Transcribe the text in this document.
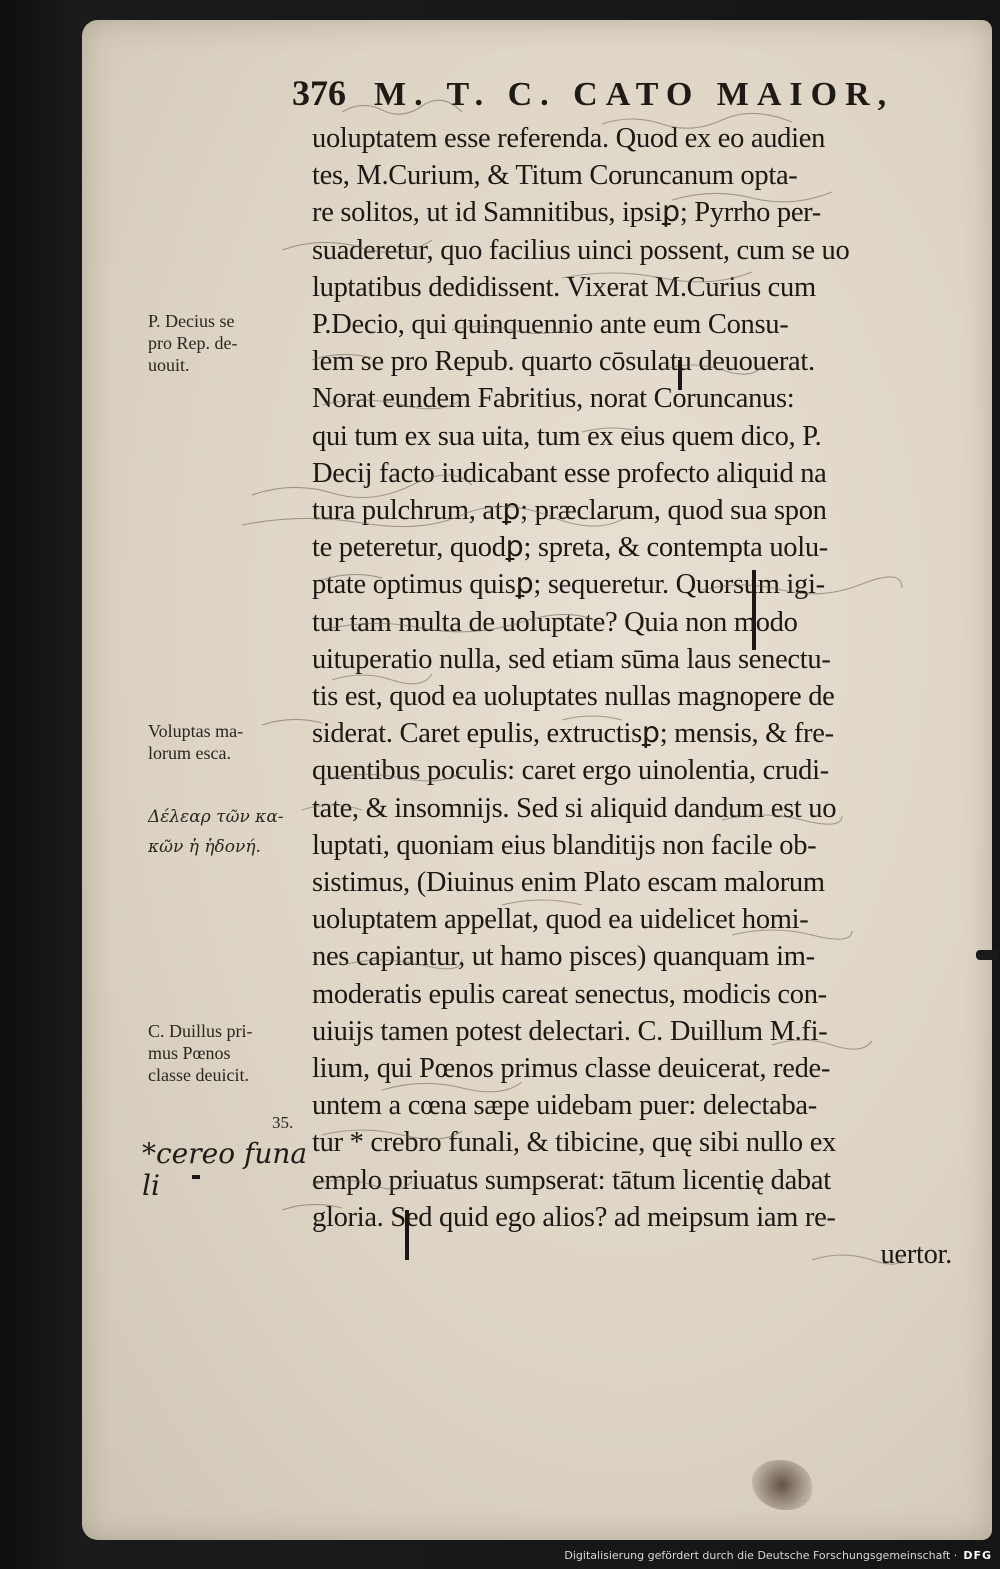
376 M. T. C. CATO MAIOR,
uoluptatem esse referenda. Quod ex eo audien
tes, M.Curium, & Titum Coruncanum opta-
re solitos, ut id Samnitibus, ipsiꝑ; Pyrrho per-
suaderetur, quo facilius uinci possent, cum se uo
luptatibus dedidissent. Vixerat M.Curius cum
P.Decio, qui quinquennio ante eum Consu-
lem se pro Repub. quarto cōsulatu deuouerat.
Norat eundem Fabritius, norat Coruncanus:
qui tum ex sua uita, tum ex eius quem dico, P.
Decij facto iudicabant esse profecto aliquid na
tura pulchrum, atꝑ; præclarum, quod sua spon
te peteretur, quodꝑ; spreta, & contempta uolu-
ptate optimus quisꝑ; sequeretur. Quorsum igi-
tur tam multa de uoluptate? Quia non modo
uituperatio nulla, sed etiam sūma laus senectu-
tis est, quod ea uoluptates nullas magnopere de
siderat. Caret epulis, extructisꝑ; mensis, & fre-
quentibus poculis: caret ergo uinolentia, crudi-
tate, & insomnijs. Sed si aliquid dandum est uo
luptati, quoniam eius blanditijs non facile ob-
sistimus, (Diuinus enim Plato escam malorum
uoluptatem appellat, quod ea uidelicet homi-
nes capiantur, ut hamo pisces) quanquam im-
moderatis epulis careat senectus, modicis con-
uiuijs tamen potest delectari. C. Duillum M.fi-
lium, qui Pœnos primus classe deuicerat, rede-
untem a cœna sæpe uidebam puer: delectaba-
tur * crebro funali, & tibicine, quę sibi nullo ex
emplo priuatus sumpserat: tātum licentię dabat
gloria. Sed quid ego alios? ad meipsum iam re-
uertor.
P. Decius se
pro Rep. de-
uouit.
Voluptas ma-
lorum esca.
Δέλεαρ τῶν κα-
κῶν ἡ ἡδονή.
C. Duillus pri-
mus Pœnos
classe deuicit.
35.
*cereo funa
li
Digitalisierung gefördert durch die Deutsche Forschungsgemeinschaft · DFG
